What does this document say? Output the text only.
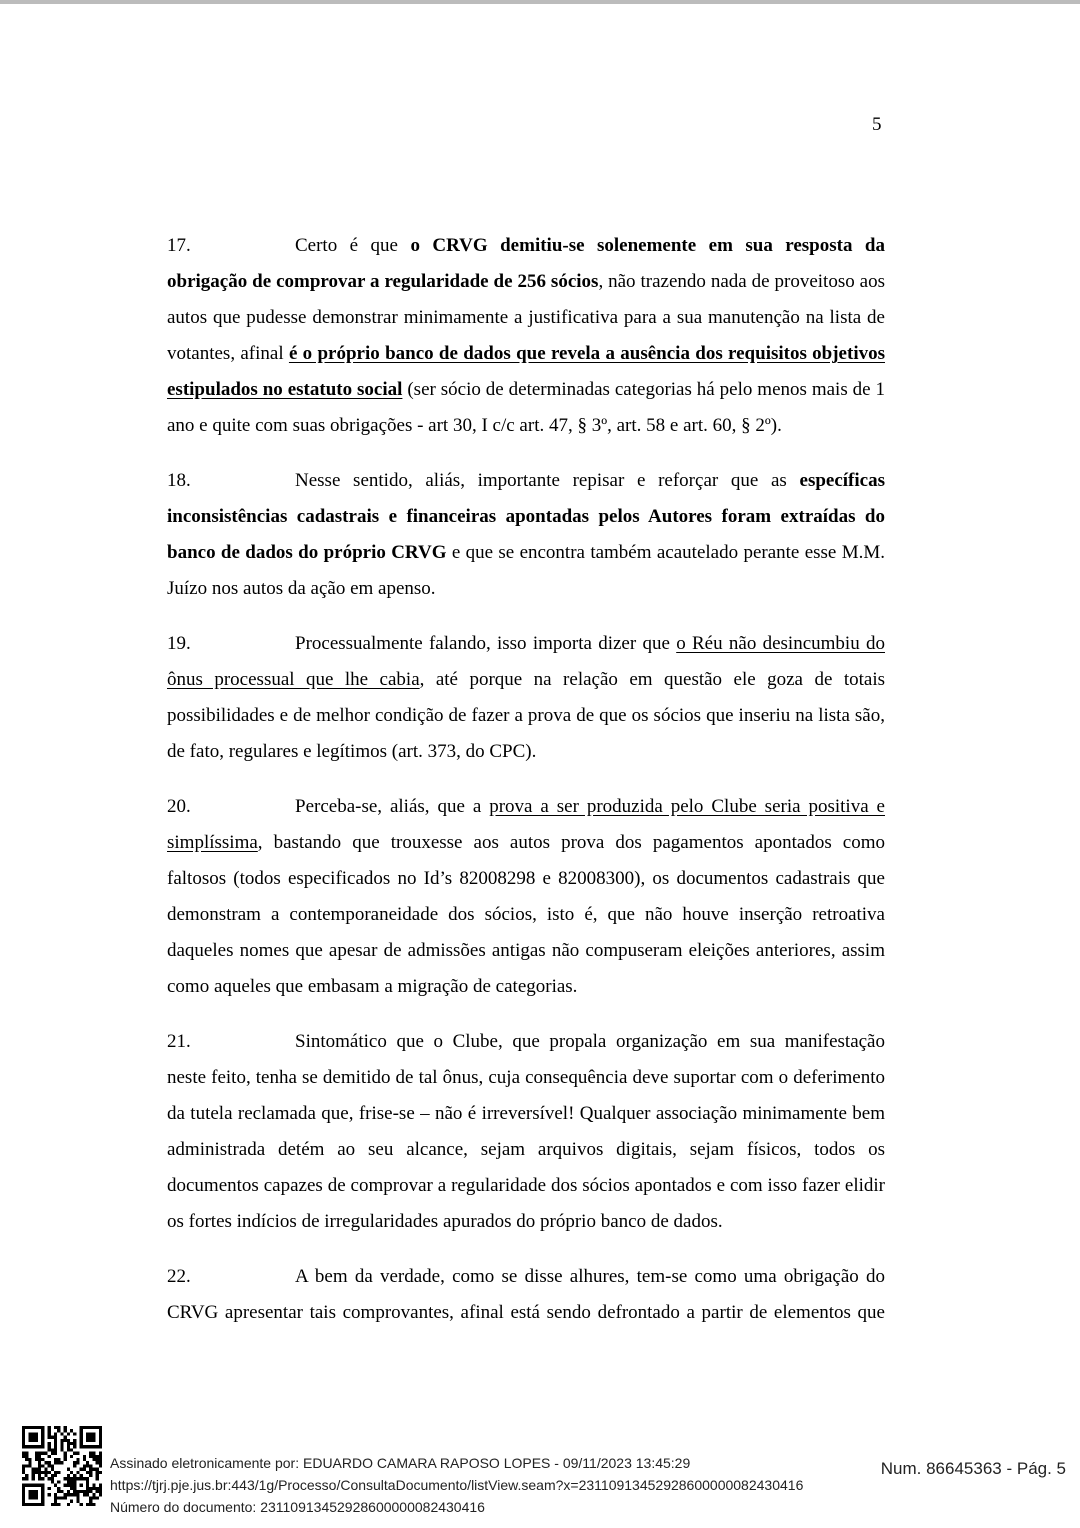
5

17.	Certo é que o CRVG demitiu-se solenemente em sua resposta da obrigação de comprovar a regularidade de 256 sócios, não trazendo nada de proveitoso aos autos que pudesse demonstrar minimamente a justificativa para a sua manutenção na lista de votantes, afinal é o próprio banco de dados que revela a ausência dos requisitos objetivos estipulados no estatuto social (ser sócio de determinadas categorias há pelo menos mais de 1 ano e quite com suas obrigações - art 30, I c/c art. 47, § 3º, art. 58 e art. 60, § 2º).

18.	Nesse sentido, aliás, importante repisar e reforçar que as específicas inconsistências cadastrais e financeiras apontadas pelos Autores foram extraídas do banco de dados do próprio CRVG e que se encontra também acautelado perante esse M.M. Juízo nos autos da ação em apenso.

19.	Processualmente falando, isso importa dizer que o Réu não desincumbiu do ônus processual que lhe cabia, até porque na relação em questão ele goza de totais possibilidades e de melhor condição de fazer a prova de que os sócios que inseriu na lista são, de fato, regulares e legítimos (art. 373, do CPC).

20.	Perceba-se, aliás, que a prova a ser produzida pelo Clube seria positiva e simplíssima, bastando que trouxesse aos autos prova dos pagamentos apontados como faltosos (todos especificados no Id’s 82008298 e 82008300), os documentos cadastrais que demonstram a contemporaneidade dos sócios, isto é, que não houve inserção retroativa daqueles nomes que apesar de admissões antigas não compuseram eleições anteriores, assim como aqueles que embasam a migração de categorias.

21.	Sintomático que o Clube, que propala organização em sua manifestação neste feito, tenha se demitido de tal ônus, cuja consequência deve suportar com o deferimento da tutela reclamada que, frise-se – não é irreversível! Qualquer associação minimamente bem administrada detém ao seu alcance, sejam arquivos digitais, sejam físicos, todos os documentos capazes de comprovar a regularidade dos sócios apontados e com isso fazer elidir os fortes indícios de irregularidades apurados do próprio banco de dados.

22.	A bem da verdade, como se disse alhures, tem-se como uma obrigação do CRVG apresentar tais comprovantes, afinal está sendo defrontado a partir de elementos que

Assinado eletronicamente por: EDUARDO CAMARA RAPOSO LOPES - 09/11/2023 13:45:29
https://tjrj.pje.jus.br:443/1g/Processo/ConsultaDocumento/listView.seam?x=23110913452928600000082430416
Número do documento: 23110913452928600000082430416
Num. 86645363 - Pág. 5
